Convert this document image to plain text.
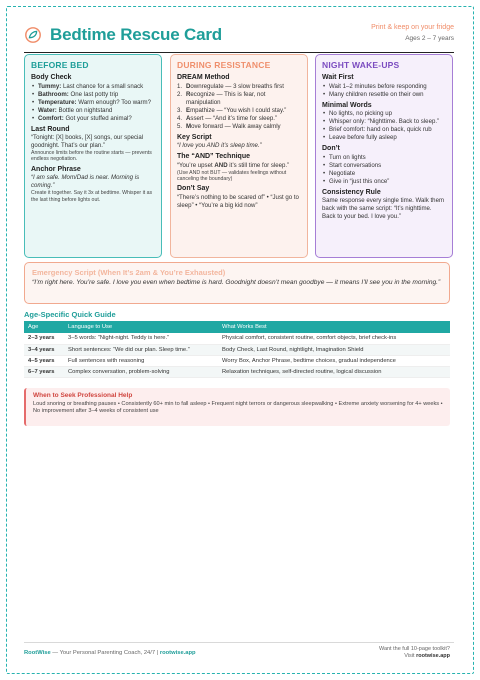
Bedtime Rescue Card	Print & keep on your fridge
Ages 2 – 7 years
BEFORE BED
Body Check
• Tummy: Last chance for a small snack
• Bathroom: One last potty trip
• Temperature: Warm enough? Too warm?
• Water: Bottle on nightstand
• Comfort: Got your stuffed animal?
Last Round
“Tonight: [X] books, [X] songs, our special goodnight. That’s our plan.”
Announce limits before the routine starts — prevents endless negotiation.
Anchor Phrase
“I am safe. Mom/Dad is near. Morning is coming.”
Create it together. Say it 3x at bedtime. Whisper it as the last thing before lights out.
DURING RESISTANCE
DREAM Method
1. Downregulate — 3 slow breaths first
2. Recognize — This is fear, not manipulation
3. Empathize — “You wish I could stay.”
4. Assert — “And it’s time for sleep.”
5. Move forward — Walk away calmly
Key Script
“I love you AND it’s sleep time.”
The “AND” Technique
“You’re upset AND it’s still time for sleep.”
(Use AND not BUT — validates feelings without canceling the boundary)
Don’t Say
“There’s nothing to be scared of” • “Just go to sleep” • “You’re a big kid now”
NIGHT WAKE-UPS
Wait First
• Wait 1–2 minutes before responding
• Many children resettle on their own
Minimal Words
• No lights, no picking up
• Whisper only: “Nighttime. Back to sleep.”
• Brief comfort: hand on back, quick rub
• Leave before fully asleep
Don’t
• Turn on lights
• Start conversations
• Negotiate
• Give in “just this once”
Consistency Rule
Same response every single time. Walk them back with the same script: “It’s nighttime. Back to your bed. I love you.”
Emergency Script (When It’s 2am & You’re Exhausted)
“I’m right here. You’re safe. I love you even when bedtime is hard. Goodnight doesn’t mean goodbye — it means I’ll see you in the morning.”
Age-Specific Quick Guide
Age	Language to Use	What Works Best
2–3 years	3–5 words: “Night-night. Teddy is here.”	Physical comfort, consistent routine, comfort objects, brief check-ins
3–4 years	Short sentences: “We did our plan. Sleep time.”	Body Check, Last Round, nightlight, Imagination Shield
4–5 years	Full sentences with reasoning	Worry Box, Anchor Phrase, bedtime choices, gradual independence
6–7 years	Complex conversation, problem-solving	Relaxation techniques, self-directed routine, logical discussion
When to Seek Professional Help
Loud snoring or breathing pauses • Consistently 60+ min to fall asleep • Frequent night terrors or dangerous sleepwalking • Extreme anxiety worsening for 4+ weeks • No improvement after 3–4 weeks of consistent use
RootWise — Your Personal Parenting Coach, 24/7 | rootwise.app
Want the full 10-page toolkit?
Visit rootwise.app
